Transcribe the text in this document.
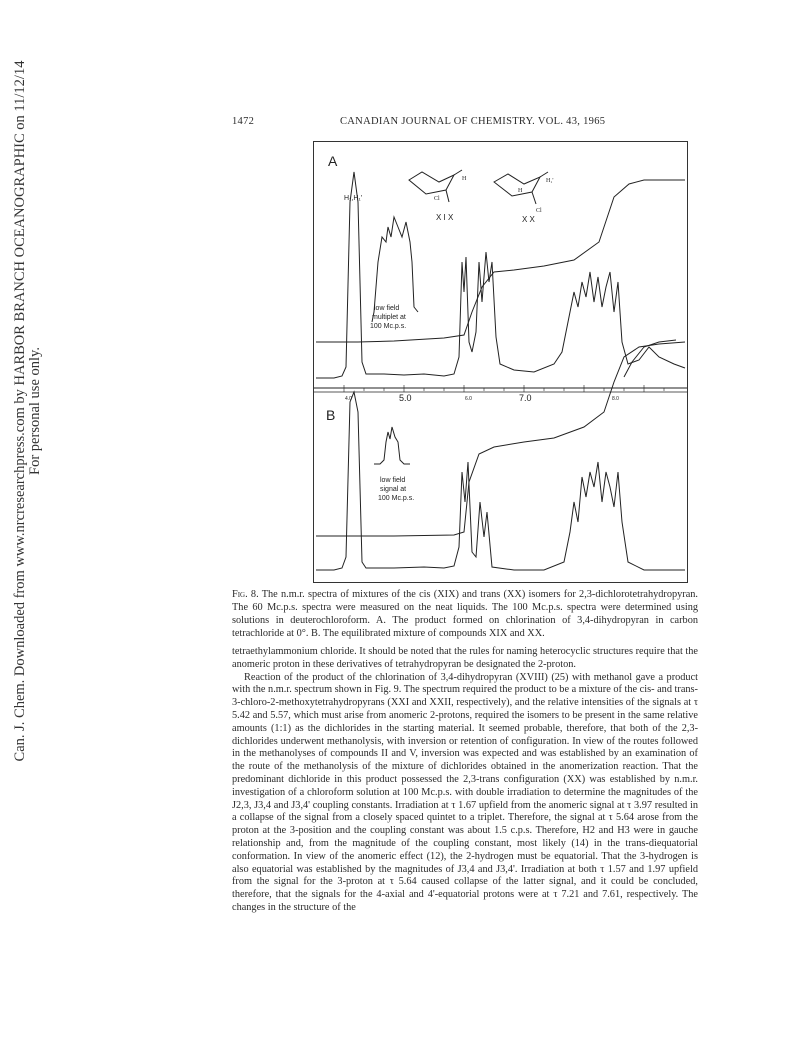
Can. J. Chem. Downloaded from www.nrcresearchpress.com by HARBOR BRANCH OCEANOGRAPHIC on 11/12/14 For personal use only.
1472	CANADIAN JOURNAL OF CHEMISTRY. VOL. 43, 1965
A
B
H₁,H₁'	Cl
H
X I X
H
H₁'
Cl
X X
low field
multiplet at
100 Mc.p.s.
4.0	5.0	6.0	7.0	8.0
low field
signal at
100 Mc.p.s.
Fig. 8. The n.m.r. spectra of mixtures of the cis (XIX) and trans (XX) isomers for 2,3-dichlorotetrahydropyran. The 60 Mc.p.s. spectra were measured on the neat liquids. The 100 Mc.p.s. spectra were determined using solutions in deuterochloroform. A. The product formed on chlorination of 3,4-dihydropyran in carbon tetrachloride at 0°. B. The equilibrated mixture of compounds XIX and XX.

tetraethylammonium chloride. It should be noted that the rules for naming heterocyclic structures require that the anomeric proton in these derivatives of tetrahydropyran be designated the 2-proton.

Reaction of the product of the chlorination of 3,4-dihydropyran (XVIII) (25) with methanol gave a product with the n.m.r. spectrum shown in Fig. 9. The spectrum required the product to be a mixture of the cis- and trans-3-chloro-2-methoxytetrahydropyrans (XXI and XXII, respectively), and the relative intensities of the signals at τ 5.42 and 5.57, which must arise from anomeric 2-protons, required the isomers to be present in the same relative amounts (1:1) as the dichlorides in the starting material. It seemed probable, therefore, that both of the 2,3-dichlorides underwent methanolysis, with inversion or retention of configuration. In view of the routes followed in the methanolyses of compounds II and V, inversion was expected and was established by an examination of the route of the methanolysis of the mixture of dichlorides obtained in the anomerization reaction. That the predominant dichloride in this product possessed the 2,3-trans configuration (XX) was established by n.m.r. investigation of a chloroform solution at 100 Mc.p.s. with double irradiation to determine the magnitudes of the J2,3, J3,4 and J3,4' coupling constants. Irradiation at τ 1.67 upfield from the anomeric signal at τ 3.97 resulted in a collapse of the signal from a closely spaced quintet to a triplet. Therefore, the signal at τ 5.64 arose from the proton at the 3-position and the coupling constant was about 1.5 c.p.s. Therefore, H2 and H3 were in gauche relationship and, from the magnitude of the coupling constant, most likely (14) in the trans-diequatorial conformation. In view of the anomeric effect (12), the 2-hydrogen must be equatorial. That the 3-hydrogen is also equatorial was established by the magnitudes of J3,4 and J3,4'. Irradiation at both τ 1.57 and 1.97 upfield from the signal for the 3-proton at τ 5.64 caused collapse of the latter signal, and it could be concluded, therefore, that the signals for the 4-axial and 4'-equatorial protons were at τ 7.21 and 7.61, respectively. The changes in the structure of the
